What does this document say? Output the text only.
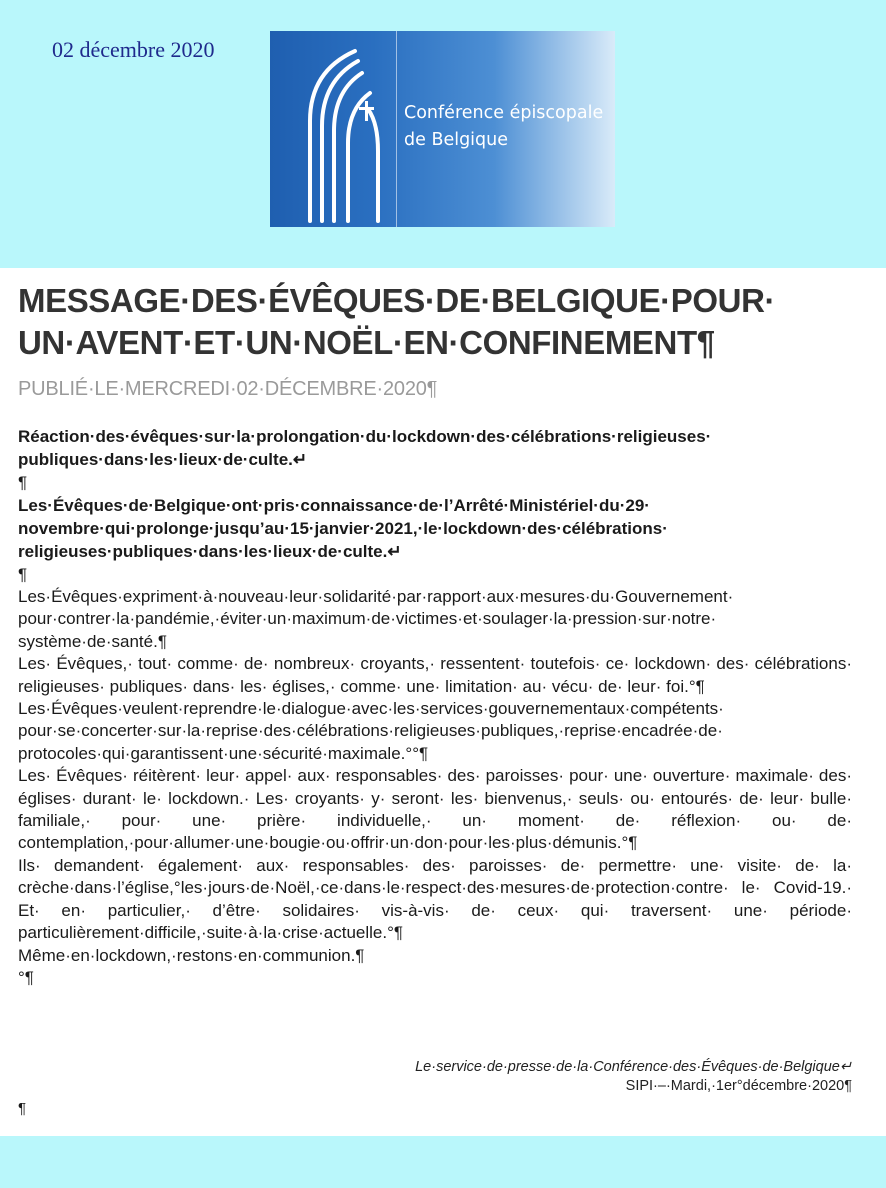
02 décembre 2020
Conférence épiscopale
de Belgique
MESSAGE·DES·ÉVÊQUES·DE·BELGIQUE·POUR· UN·AVENT·ET·UN·NOËL·EN·CONFINEMENT¶
PUBLIÉ·LE·MERCREDI·02·DÉCEMBRE·2020¶

Réaction·des·évêques·sur·la·prolongation·du·lockdown·des·célébrations·religieuses· publiques·dans·les·lieux·de·culte.↵

¶

Les·Évêques·de·Belgique·ont·pris·connaissance·de·l’Arrêté·Ministériel·du·29· novembre·qui·prolonge·jusqu’au·15·janvier·2021,·le·lockdown·des·célébrations· religieuses·publiques·dans·les·lieux·de·culte.↵

¶

Les·Évêques·expriment·à·nouveau·leur·solidarité·par·rapport·aux·mesures·du·Gouvernement· pour·contrer·la·pandémie,·éviter·un·maximum·de·victimes·et·soulager·la·pression·sur·notre· système·de·santé.¶

Les· Évêques,· tout· comme· de· nombreux· croyants,· ressentent· toutefois· ce· lockdown· des· célébrations· religieuses· publiques· dans· les· églises,· comme· une· limitation· au· vécu· de· leur· foi.°¶

Les·Évêques·veulent·reprendre·le·dialogue·avec·les·services·gouvernementaux·compétents· pour·se·concerter·sur·la·reprise·des·célébrations·religieuses·publiques,·reprise·encadrée·de· protocoles·qui·garantissent·une·sécurité·maximale.°°¶

Les· Évêques· réitèrent· leur· appel· aux· responsables· des· paroisses· pour· une· ouverture· maximale· des· églises· durant· le· lockdown.· Les· croyants· y· seront· les· bienvenus,· seuls· ou· entourés· de· leur· bulle· familiale,· pour· une· prière· individuelle,· un· moment· de· réflexion· ou· de· contemplation,·pour·allumer·une·bougie·ou·offrir·un·don·pour·les·plus·démunis.°¶

Ils· demandent· également· aux· responsables· des· paroisses· de· permettre· une· visite· de· la· crèche·dans·l’église,°les·jours·de·Noël,·ce·dans·le·respect·des·mesures·de·protection·contre· le· Covid-19.· Et· en· particulier,· d’être· solidaires· vis-à-vis· de· ceux· qui· traversent· une· période· particulièrement·difficile,·suite·à·la·crise·actuelle.°¶

Même·en·lockdown,·restons·en·communion.¶

°¶

Le·service·de·presse·de·la·Conférence·des·Évêques·de·Belgique↵
SIPI·–·Mardi,·1er°décembre·2020¶
¶
